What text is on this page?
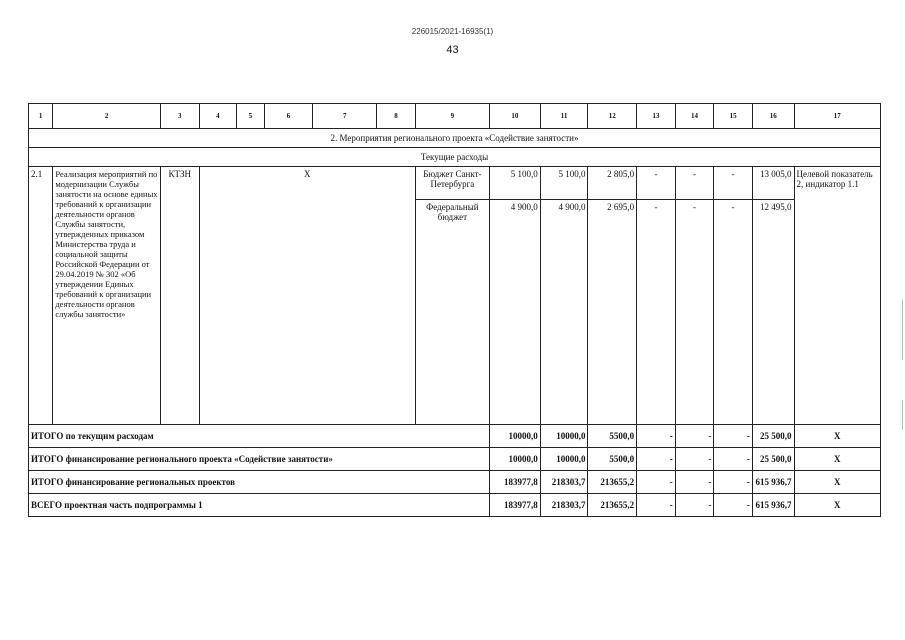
226015/2021-16935(1)
43
1	2	3	4	5	6	7	8	9	10	11	12	13	14	15	16	17
2. Мероприятия регионального проекта «Содействие занятости»																
Текущие расходы																
2.1	Реализация мероприятий по модернизации Службы занятости на основе единых требований к организации деятельности органов Службы занятости, утвержденных приказом Министерства труда и социальной защиты Российской Федерации от 29.04.2019 № 302 «Об утверждении Единых требований к организации деятельности органов службы занятости»	КТЗН	Х					Бюджет Санкт-Петербурга	5 100,0	5 100,0	2 805,0	-	-	-	13 005,0	Целевой показатель 2, индикатор 1.1
								Федеральный бюджет	4 900,0	4 900,0	2 695,0	-	-	-	12 495,0	
ИТОГО по текущим расходам									10000,0	10000,0	5500,0	-	-	-	25 500,0	Х
ИТОГО финансирование регионального проекта «Содействие занятости»									10000,0	10000,0	5500,0	-	-	-	25 500,0	Х
ИТОГО финансирование региональных проектов									183977,8	218303,7	213655,2	-	-	-	615 936,7	Х
ВСЕГО проектная часть подпрограммы 1									183977,8	218303,7	213655,2	-	-	-	615 936,7	Х
